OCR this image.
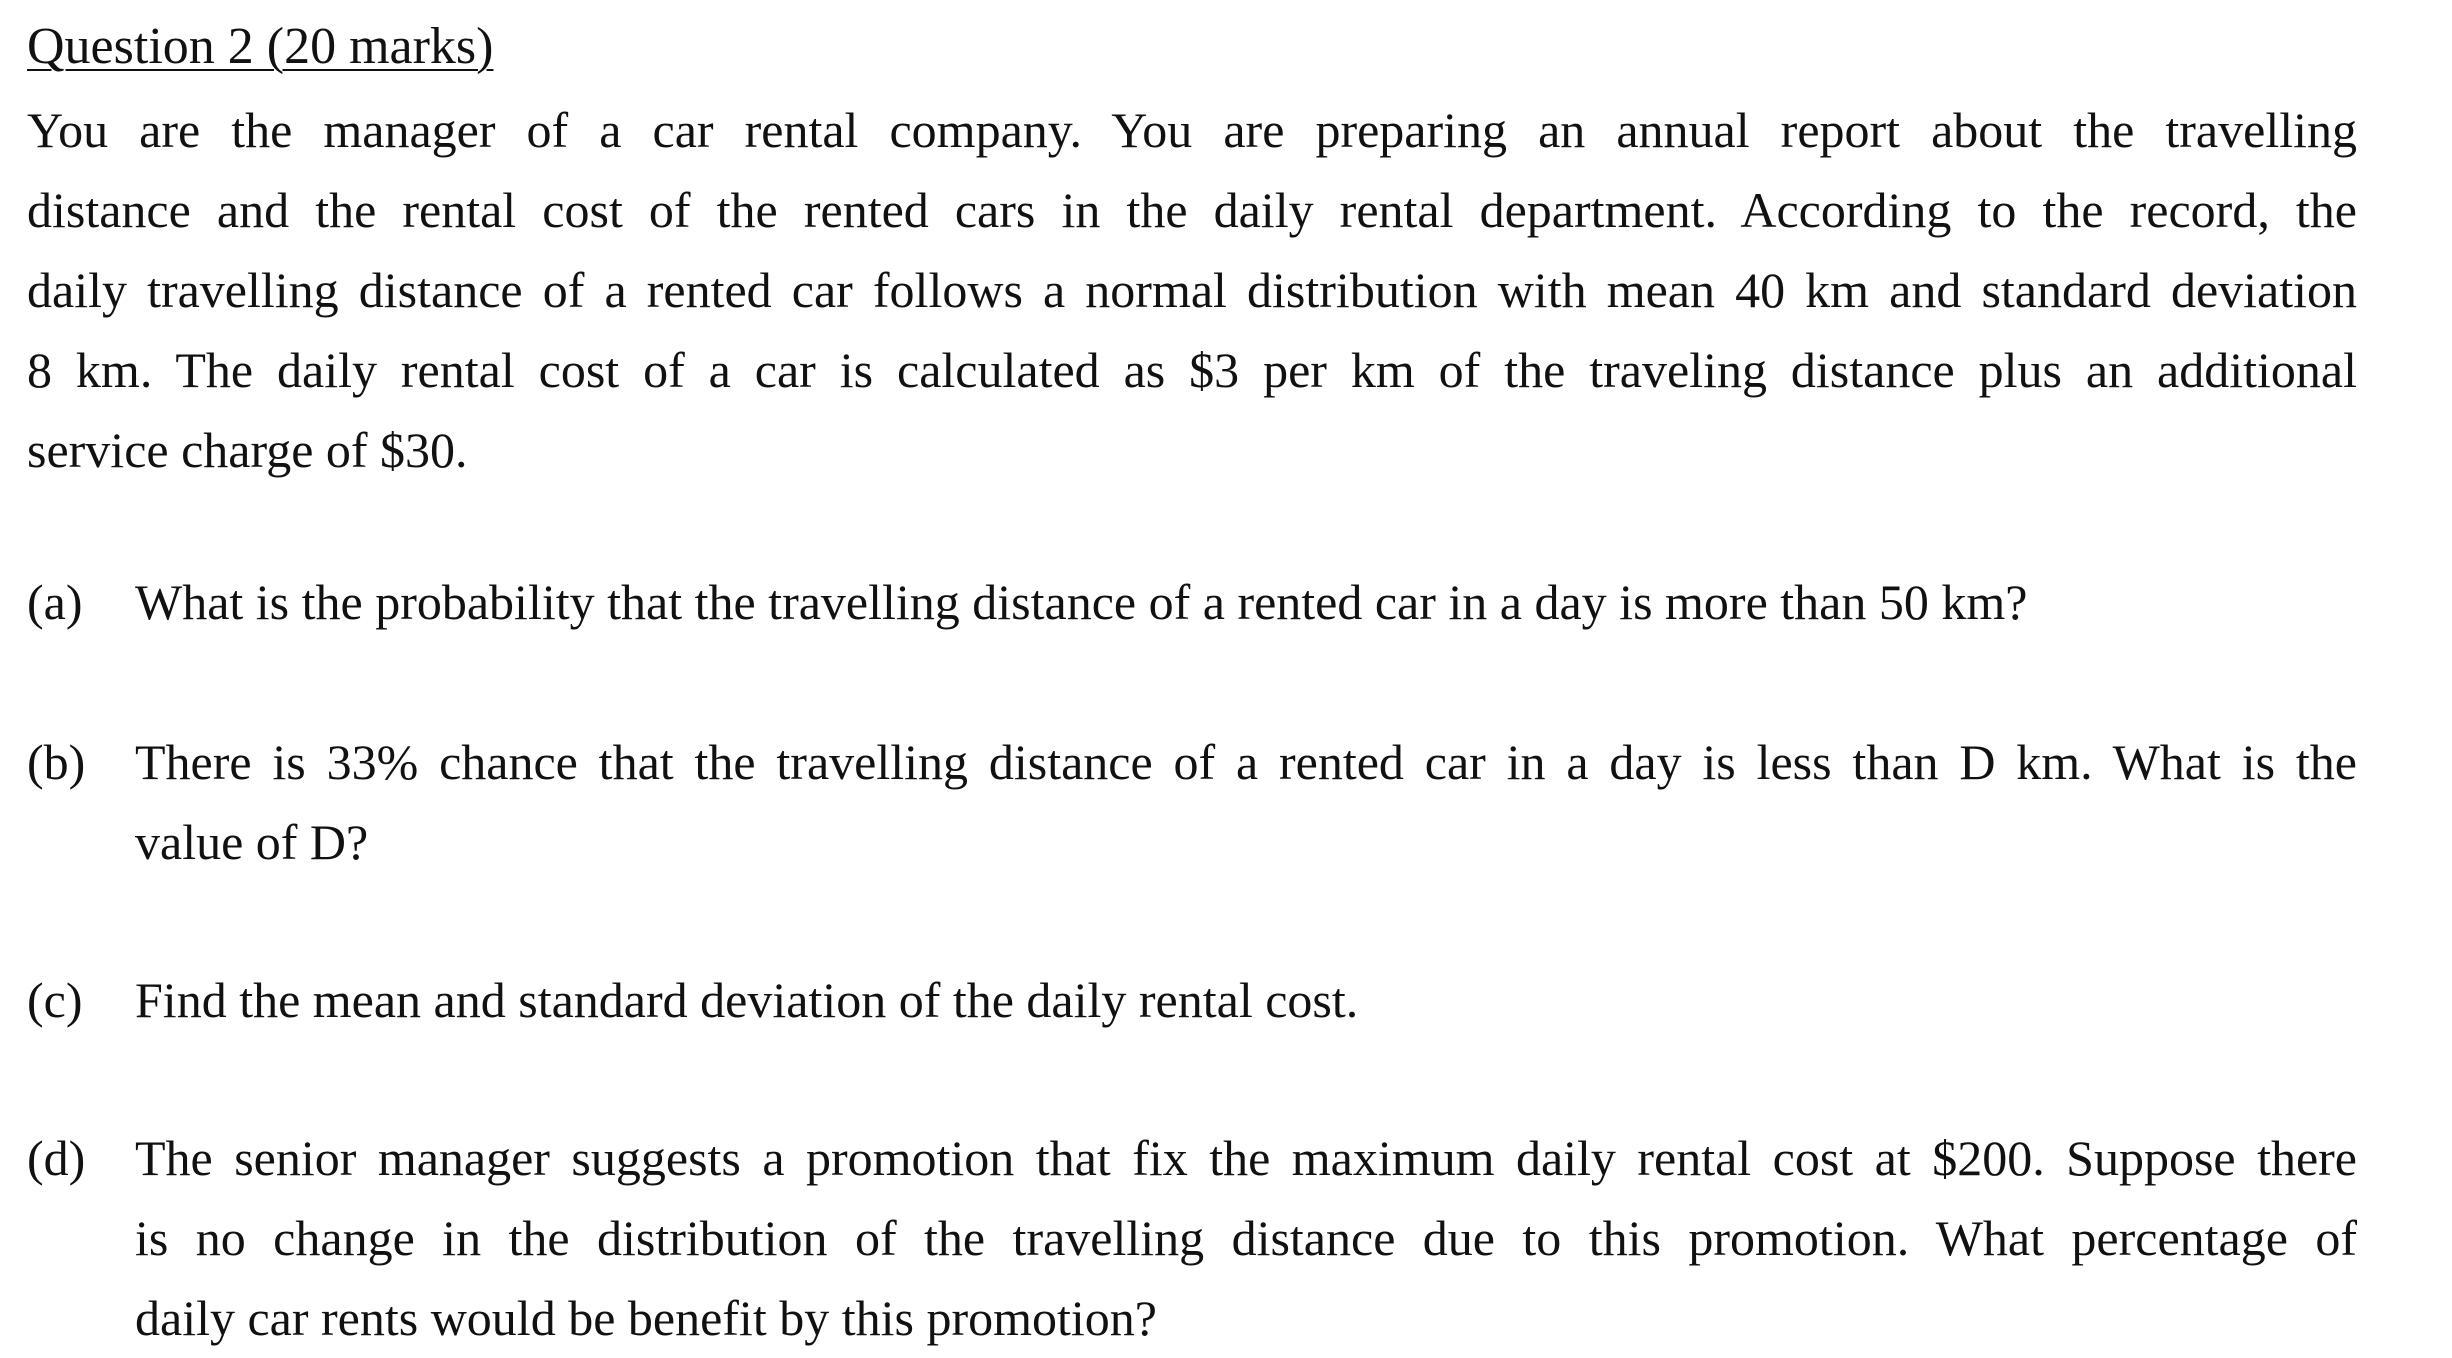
Question 2 (20 marks)
You are the manager of a car rental company. You are preparing an annual report about the travelling
distance and the rental cost of the rented cars in the daily rental department. According to the record, the
daily travelling distance of a rented car follows a normal distribution with mean 40 km and standard deviation
8 km. The daily rental cost of a car is calculated as $3 per km of the traveling distance plus an additional
service charge of $30.
(a) What is the probability that the travelling distance of a rented car in a day is more than 50 km?
(b) There is 33% chance that the travelling distance of a rented car in a day is less than D km. What is the
value of D?
(c) Find the mean and standard deviation of the daily rental cost.
(d) The senior manager suggests a promotion that fix the maximum daily rental cost at $200. Suppose there
is no change in the distribution of the travelling distance due to this promotion. What percentage of
daily car rents would be benefit by this promotion?
